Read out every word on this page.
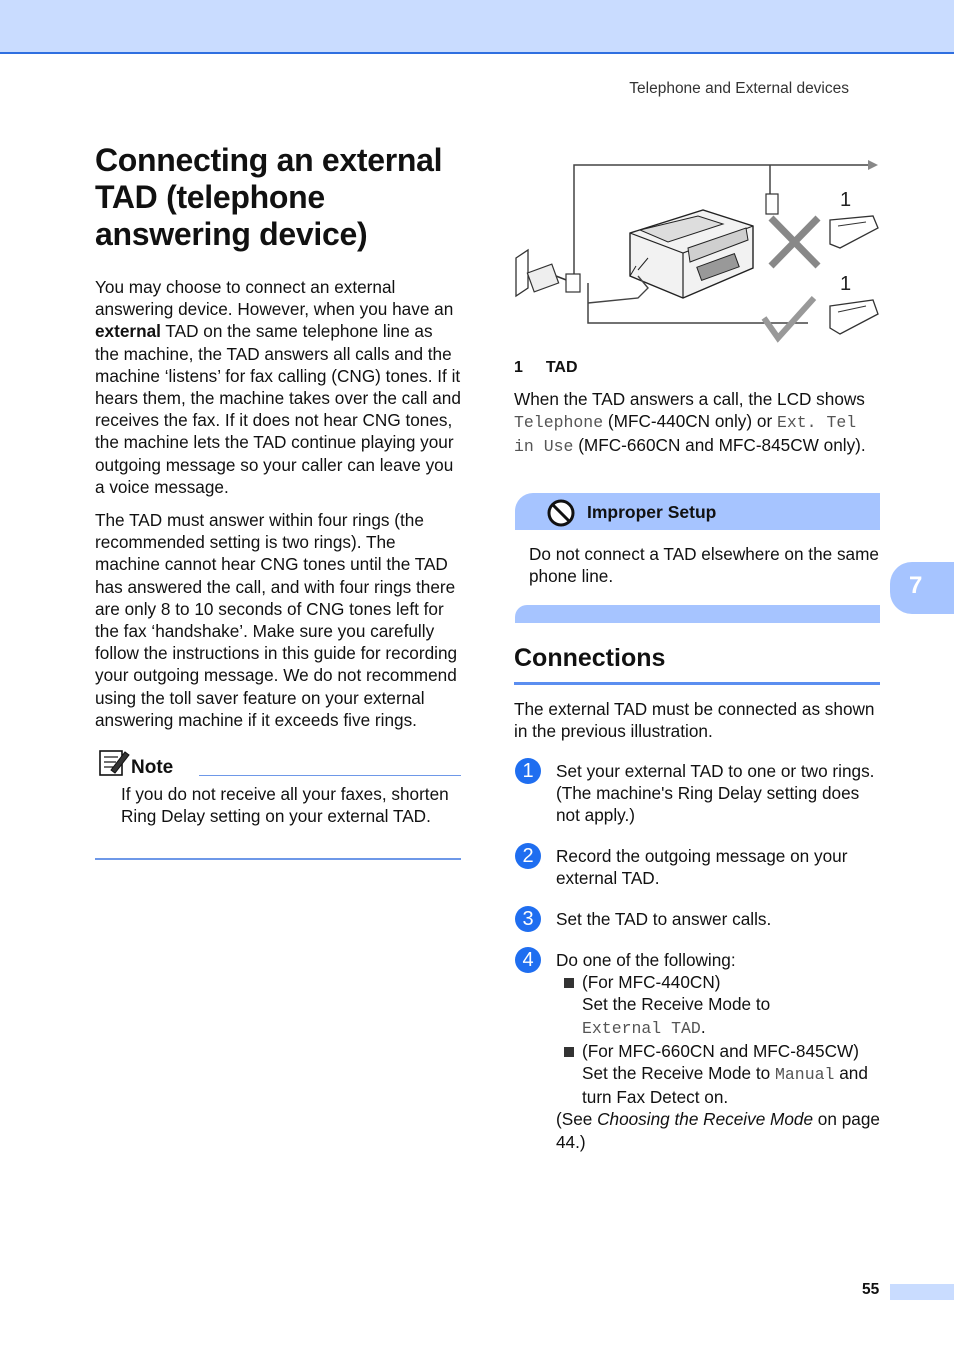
Telephone and External devices
Connecting an external
TAD (telephone
answering device)

You may choose to connect an external answering device. However, when you have an external TAD on the same telephone line as the machine, the TAD answers all calls and the machine ‘listens’ for fax calling (CNG) tones. If it hears them, the machine takes over the call and receives the fax. If it does not hear CNG tones, the machine lets the TAD continue playing your outgoing message so your caller can leave you a voice message.

The TAD must answer within four rings (the recommended setting is two rings). The machine cannot hear CNG tones until the TAD has answered the call, and with four rings there are only 8 to 10 seconds of CNG tones left for the fax ‘handshake’. Make sure you carefully follow the instructions in this guide for recording your outgoing message. We do not recommend using the toll saver feature on your external answering machine if it exceeds five rings.

Note
If you do not receive all your faxes, shorten Ring Delay setting on your external TAD.
1
1
1 TAD
When the TAD answers a call, the LCD shows Telephone (MFC-440CN only) or Ext. Tel in Use (MFC-660CN and MFC-845CW only).
Improper Setup
Do not connect a TAD elsewhere on the same phone line.	7
Connections
The external TAD must be connected as shown in the previous illustration.
1	Set your external TAD to one or two rings. (The machine's Ring Delay setting does not apply.)
2	Record the outgoing message on your external TAD.
3	Set the TAD to answer calls.
4	Do one of the following:
(For MFC-440CN)
Set the Receive Mode to
External TAD.
(For MFC-660CN and MFC-845CW)
Set the Receive Mode to Manual and turn Fax Detect on.
(See Choosing the Receive Mode on page 44.)
55
